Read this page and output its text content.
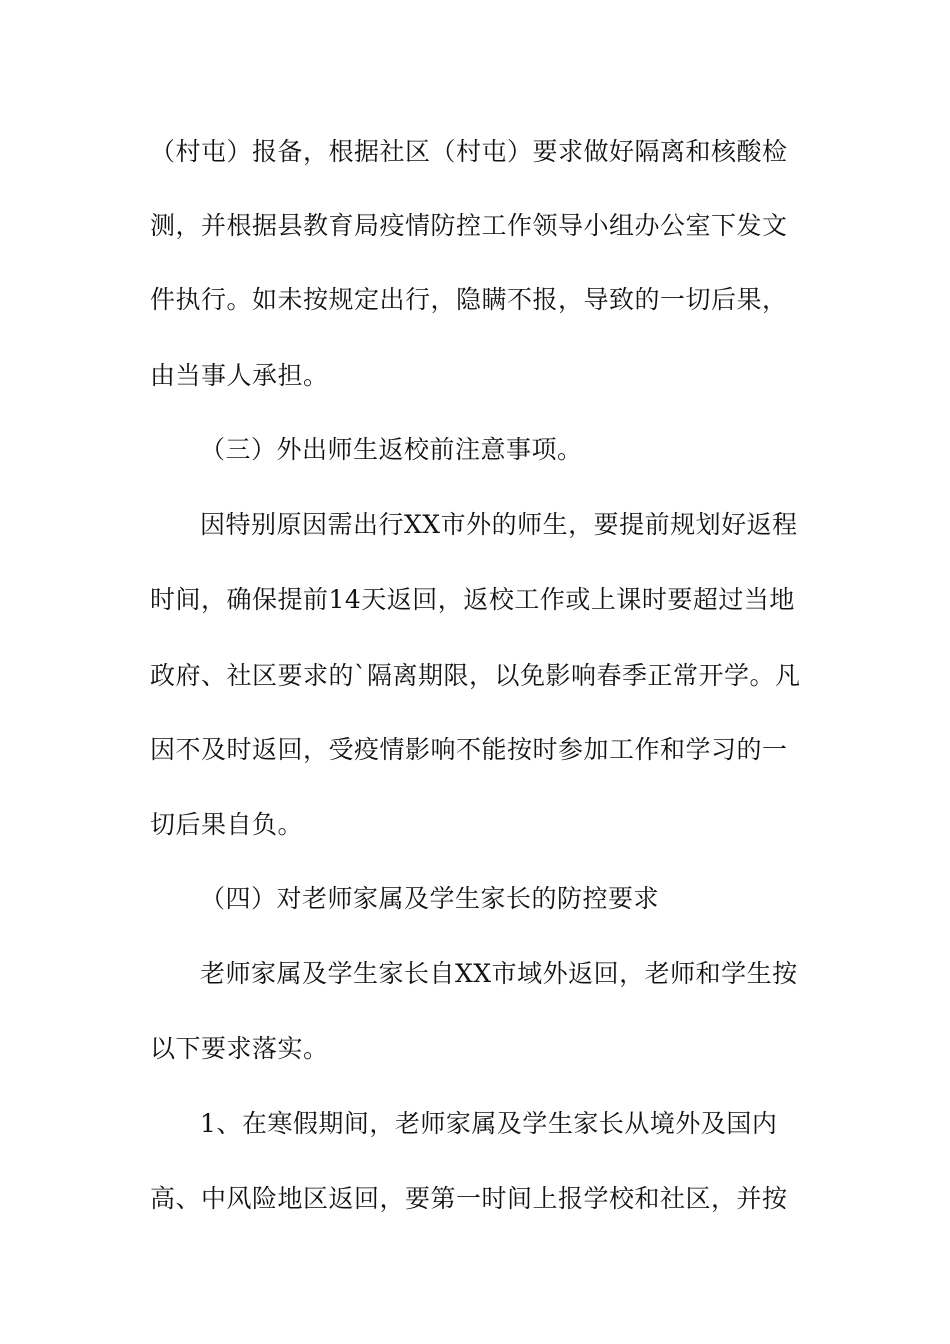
（村屯）报备，根据社区（村屯）要求做好隔离和核酸检
测，并根据县教育局疫情防控工作领导小组办公室下发文
件执行。如未按规定出行，隐瞒不报，导致的一切后果，
由当事人承担。
（三）外出师生返校前注意事项。
因特别原因需出行XX市外的师生，要提前规划好返程
时间，确保提前14天返回，返校工作或上课时要超过当地
政府、社区要求的`隔离期限，以免影响春季正常开学。凡
因不及时返回，受疫情影响不能按时参加工作和学习的一
切后果自负。
（四）对老师家属及学生家长的防控要求
老师家属及学生家长自XX市域外返回，老师和学生按
以下要求落实。
1、在寒假期间，老师家属及学生家长从境外及国内
高、中风险地区返回，要第一时间上报学校和社区，并按
